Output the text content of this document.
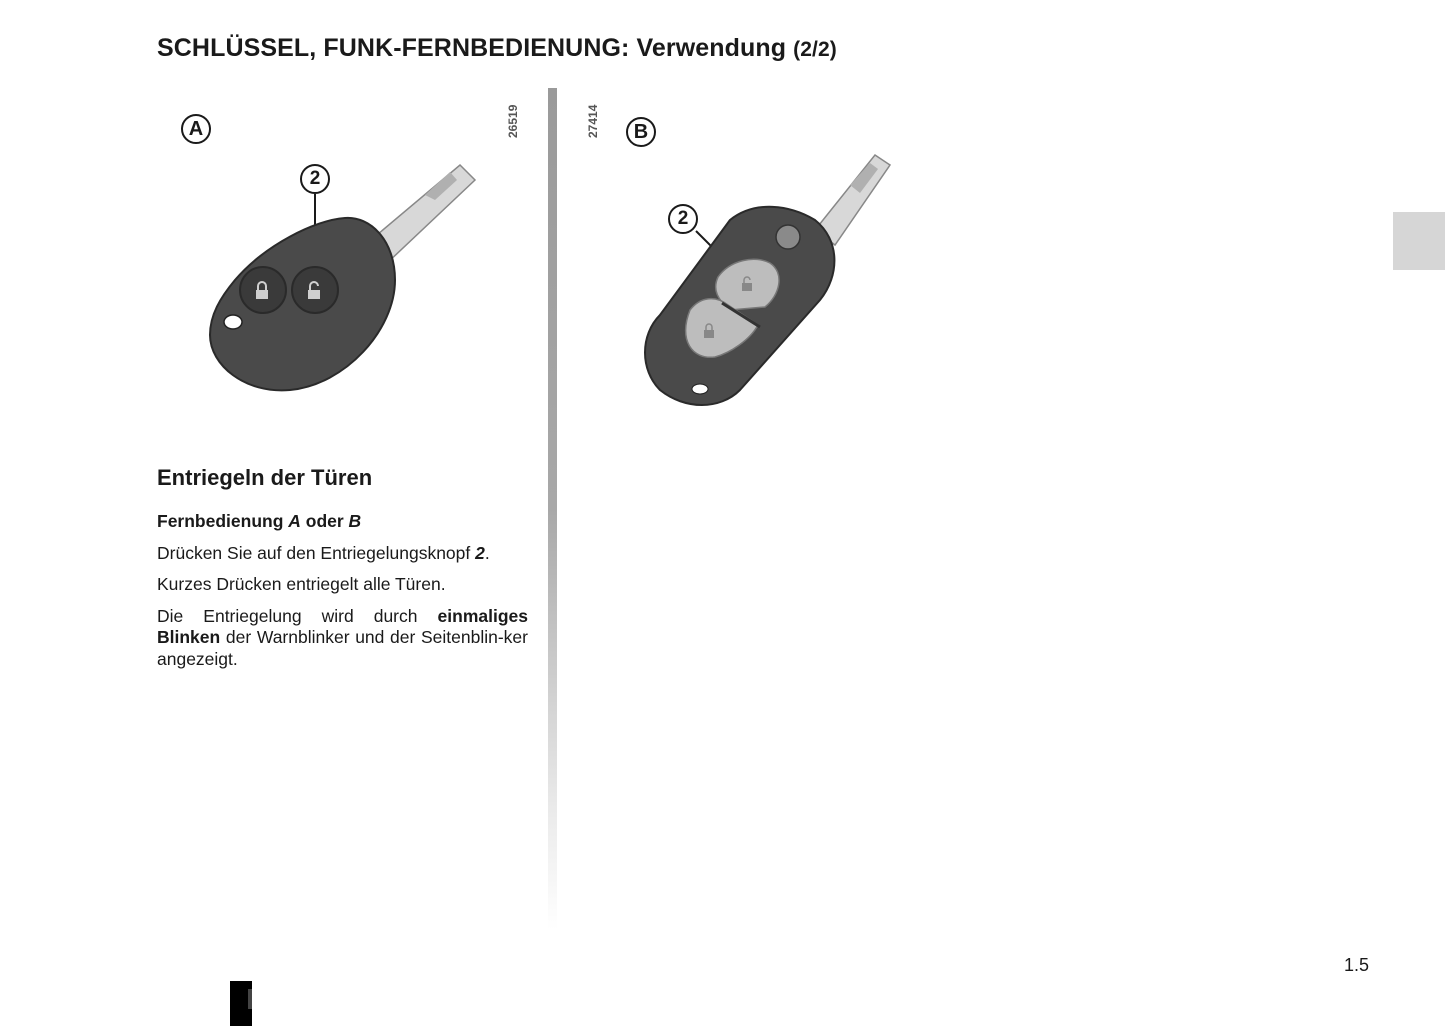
SCHLÜSSEL, FUNK-FERNBEDIENUNG: Verwendung (2/2)
26519
A
2
27414	B
2
Entriegeln der Türen

Fernbedienung A oder B

Drücken Sie auf den Entriegelungsknopf 2.

Kurzes Drücken entriegelt alle Türen.

Die Entriegelung wird durch einmaliges Blinken der Warnblinker und der Seitenblin-ker angezeigt.

1.5
